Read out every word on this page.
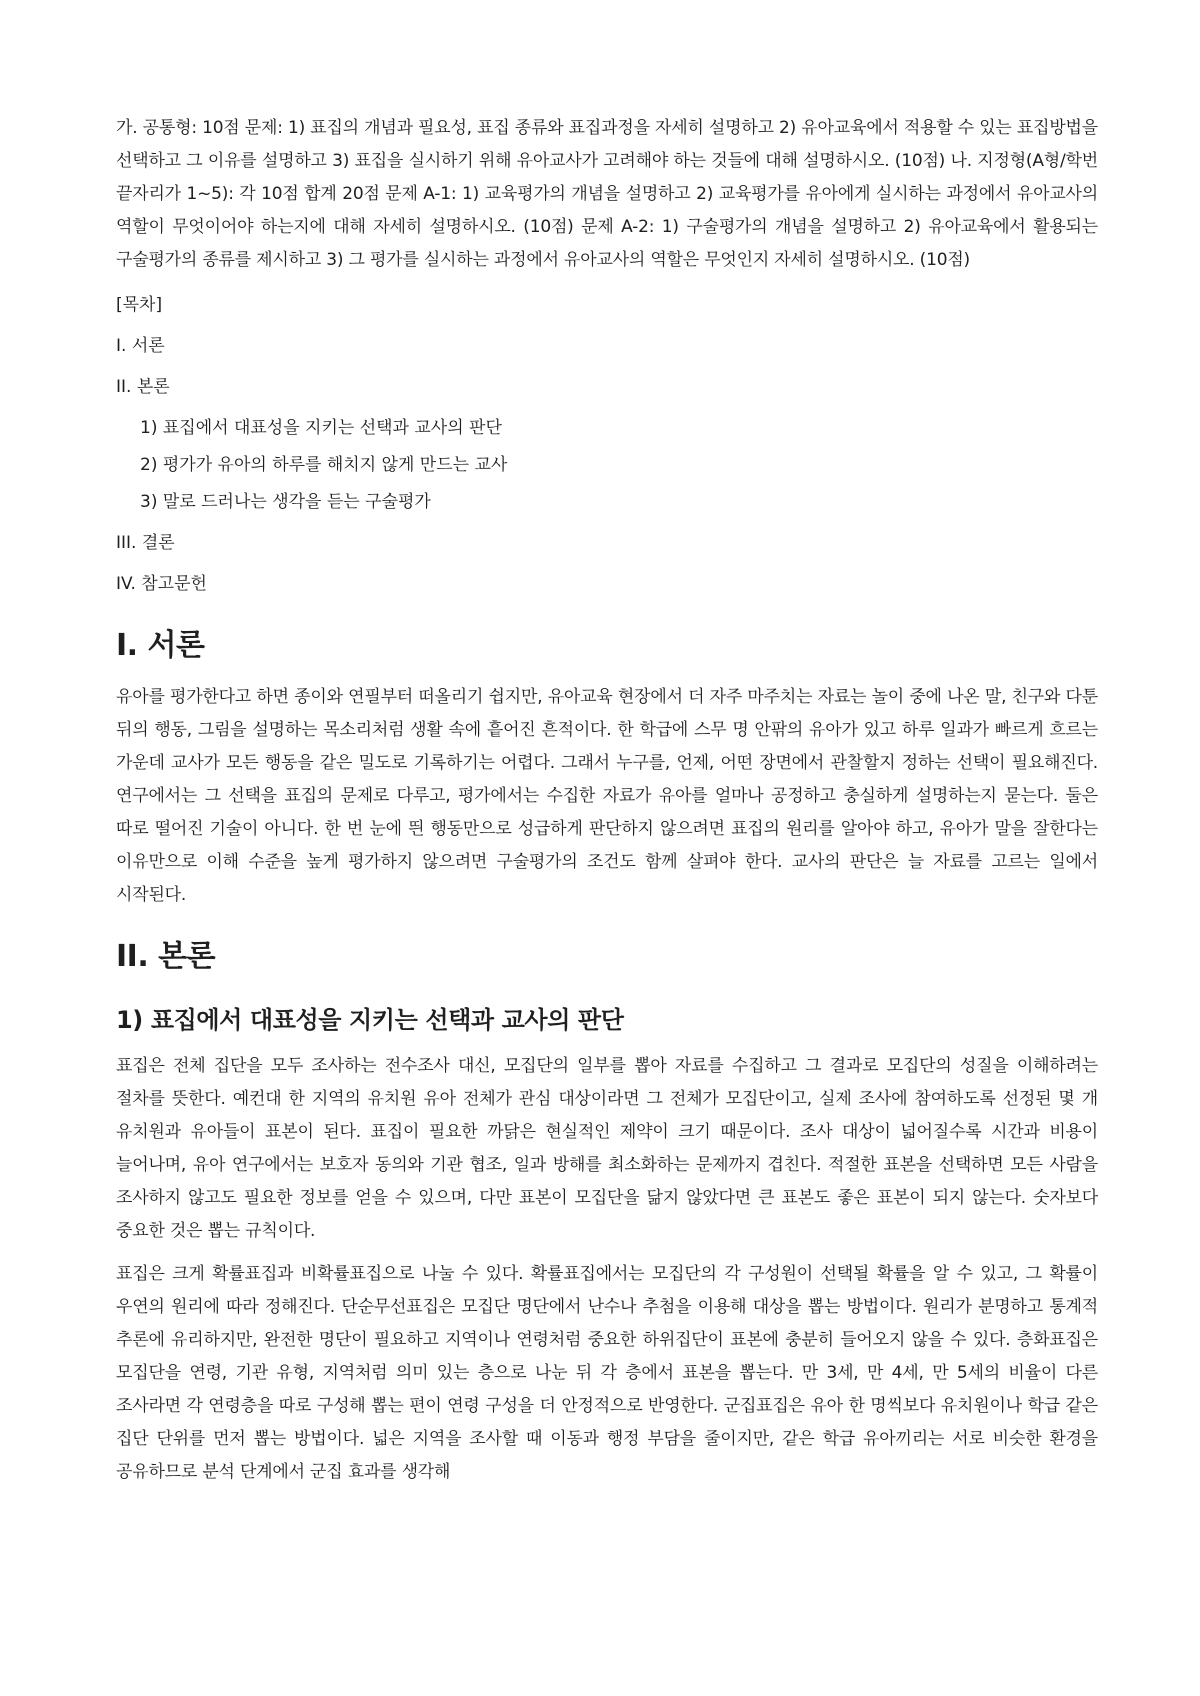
가. 공통형: 10점 문제: 1) 표집의 개념과 필요성, 표집 종류와 표집과정을 자세히 설명하고 2) 유아교육에서 적용할 수 있는 표집방법을 선택하고 그 이유를 설명하고 3) 표집을 실시하기 위해 유아교사가 고려해야 하는 것들에 대해 설명하시오. (10점) 나. 지정형(A형/학번 끝자리가 1~5): 각 10점 합계 20점 문제 A-1: 1) 교육평가의 개념을 설명하고 2) 교육평가를 유아에게 실시하는 과정에서 유아교사의 역할이 무엇이어야 하는지에 대해 자세히 설명하시오. (10점) 문제 A-2: 1) 구술평가의 개념을 설명하고 2) 유아교육에서 활용되는 구술평가의 종류를 제시하고 3) 그 평가를 실시하는 과정에서 유아교사의 역할은 무엇인지 자세히 설명하시오. (10점)

[목차]
I. 서론
II. 본론
1) 표집에서 대표성을 지키는 선택과 교사의 판단
2) 평가가 유아의 하루를 해치지 않게 만드는 교사
3) 말로 드러나는 생각을 듣는 구술평가
III. 결론
IV. 참고문헌
I. 서론

유아를 평가한다고 하면 종이와 연필부터 떠올리기 쉽지만, 유아교육 현장에서 더 자주 마주치는 자료는 놀이 중에 나온 말, 친구와 다툰 뒤의 행동, 그림을 설명하는 목소리처럼 생활 속에 흩어진 흔적이다. 한 학급에 스무 명 안팎의 유아가 있고 하루 일과가 빠르게 흐르는 가운데 교사가 모든 행동을 같은 밀도로 기록하기는 어렵다. 그래서 누구를, 언제, 어떤 장면에서 관찰할지 정하는 선택이 필요해진다. 연구에서는 그 선택을 표집의 문제로 다루고, 평가에서는 수집한 자료가 유아를 얼마나 공정하고 충실하게 설명하는지 묻는다. 둘은 따로 떨어진 기술이 아니다. 한 번 눈에 띈 행동만으로 성급하게 판단하지 않으려면 표집의 원리를 알아야 하고, 유아가 말을 잘한다는 이유만으로 이해 수준을 높게 평가하지 않으려면 구술평가의 조건도 함께 살펴야 한다. 교사의 판단은 늘 자료를 고르는 일에서 시작된다.

II. 본론
1) 표집에서 대표성을 지키는 선택과 교사의 판단

표집은 전체 집단을 모두 조사하는 전수조사 대신, 모집단의 일부를 뽑아 자료를 수집하고 그 결과로 모집단의 성질을 이해하려는 절차를 뜻한다. 예컨대 한 지역의 유치원 유아 전체가 관심 대상이라면 그 전체가 모집단이고, 실제 조사에 참여하도록 선정된 몇 개 유치원과 유아들이 표본이 된다. 표집이 필요한 까닭은 현실적인 제약이 크기 때문이다. 조사 대상이 넓어질수록 시간과 비용이 늘어나며, 유아 연구에서는 보호자 동의와 기관 협조, 일과 방해를 최소화하는 문제까지 겹친다. 적절한 표본을 선택하면 모든 사람을 조사하지 않고도 필요한 정보를 얻을 수 있으며, 다만 표본이 모집단을 닮지 않았다면 큰 표본도 좋은 표본이 되지 않는다. 숫자보다 중요한 것은 뽑는 규칙이다.

표집은 크게 확률표집과 비확률표집으로 나눌 수 있다. 확률표집에서는 모집단의 각 구성원이 선택될 확률을 알 수 있고, 그 확률이 우연의 원리에 따라 정해진다. 단순무선표집은 모집단 명단에서 난수나 추첨을 이용해 대상을 뽑는 방법이다. 원리가 분명하고 통계적 추론에 유리하지만, 완전한 명단이 필요하고 지역이나 연령처럼 중요한 하위집단이 표본에 충분히 들어오지 않을 수 있다. 층화표집은 모집단을 연령, 기관 유형, 지역처럼 의미 있는 층으로 나눈 뒤 각 층에서 표본을 뽑는다. 만 3세, 만 4세, 만 5세의 비율이 다른 조사라면 각 연령층을 따로 구성해 뽑는 편이 연령 구성을 더 안정적으로 반영한다. 군집표집은 유아 한 명씩보다 유치원이나 학급 같은 집단 단위를 먼저 뽑는 방법이다. 넓은 지역을 조사할 때 이동과 행정 부담을 줄이지만, 같은 학급 유아끼리는 서로 비슷한 환경을 공유하므로 분석 단계에서 군집 효과를 생각해
